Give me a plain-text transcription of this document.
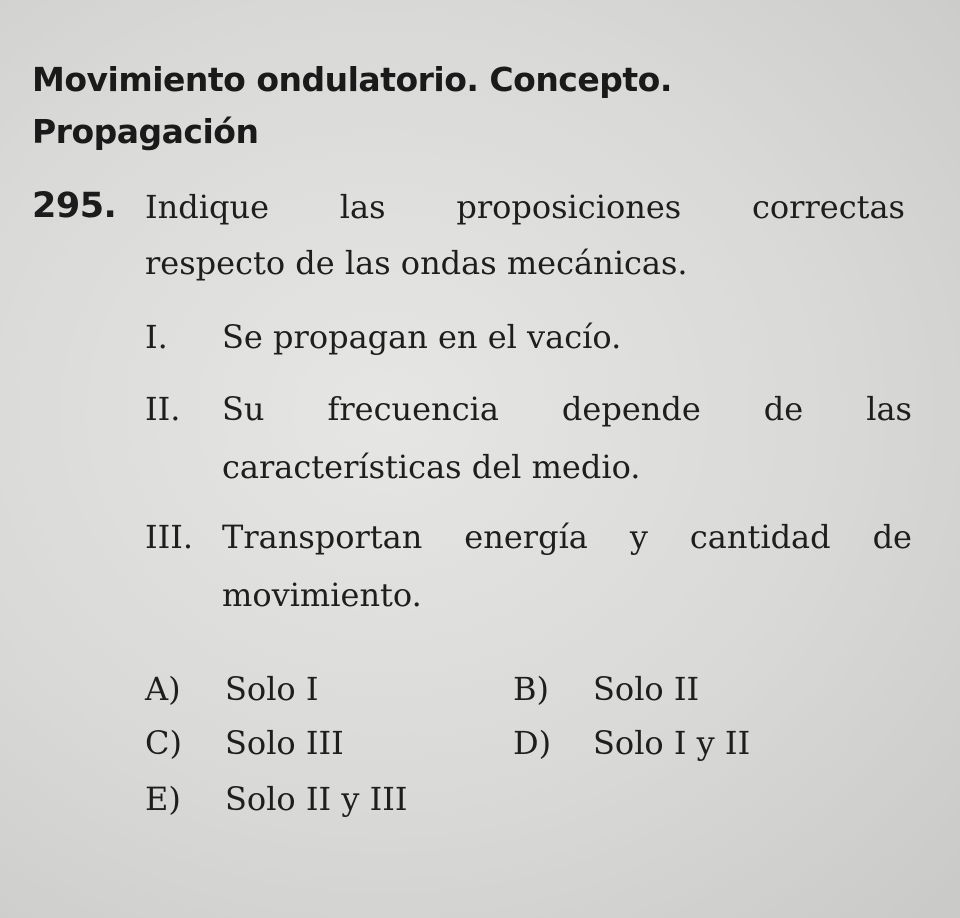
Movimiento ondulatorio. Concepto.
Propagación
295. Indique las proposiciones correctas
respecto de las ondas mecánicas.
I. Se propagan en el vacío.
II. Su frecuencia depende de las
características del medio.
III. Transportan energía y cantidad de
movimiento.
A) Solo I	B) Solo II
C) Solo III	D) Solo I y II
E) Solo II y III
